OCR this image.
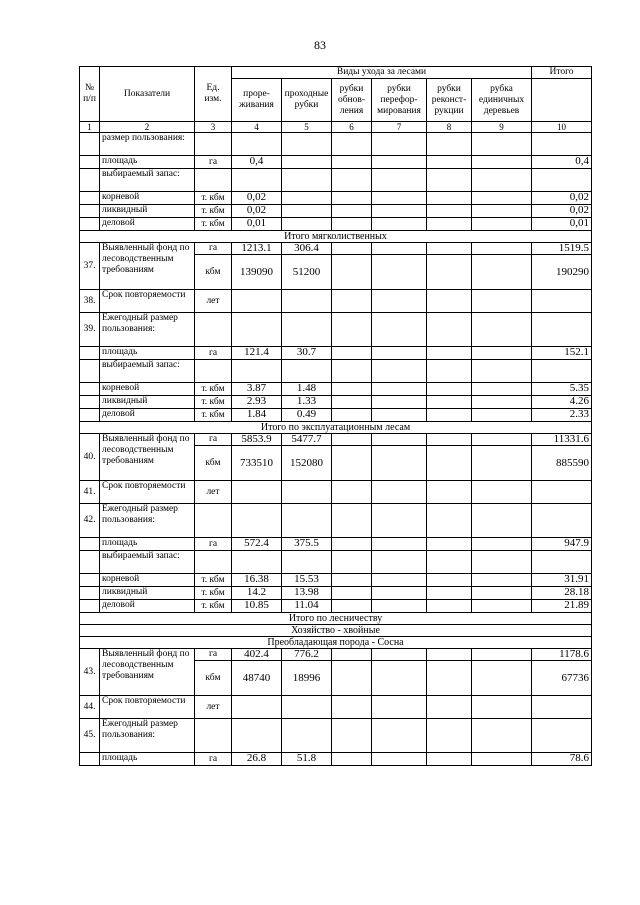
83
№ п/п	Показатели	Ед. изм.	Виды ухода за лесами						Итого
			проре- живания	проходные рубки	рубки обнов- ления	рубки перефор- мирования	рубки реконст- рукции	рубка единичных деревьев	
1	2	3	4	5	6	7	8	9	10
	размер пользования:								
	площадь	га	0,4						0,4
	выбираемый запас:								
	корневой	т. кбм	0,02						0,02
	ликвидный	т. кбм	0,02						0,02
	деловой	т. кбм	0,01						0,01
Итого мягколиственных									
37.	Выявленный фонд по лесоводственным требованиям	га	1213.1	306.4					1519.5
		кбм	139090	51200					190290
38.	Срок повторяемости	лет							
39.	Ежегодный размер пользования:								
	площадь	га	121.4	30.7					152.1
	выбираемый запас:								
	корневой	т. кбм	3.87	1.48					5.35
	ликвидный	т. кбм	2.93	1.33					4.26
	деловой	т. кбм	1.84	0.49					2.33
Итого по эксплуатационным лесам									
40.	Выявленный фонд по лесоводственным требованиям	га	5853.9	5477.7					11331.6
		кбм	733510	152080					885590
41.	Срок повторяемости	лет							
42.	Ежегодный размер пользования:								
	площадь	га	572.4	375.5					947.9
	выбираемый запас:								
	корневой	т. кбм	16.38	15.53					31.91
	ликвидный	т. кбм	14.2	13.98					28.18
	деловой	т. кбм	10.85	11.04					21.89
Итого по лесничеству									
Хозяйство - хвойные									
Преобладающая порода - Сосна									
43.	Выявленный фонд по лесоводственным требованиям	га	402.4	776.2					1178.6
		кбм	48740	18996					67736
44.	Срок повторяемости	лет							
45.	Ежегодный размер пользования:								
	площадь	га	26.8	51.8					78.6
